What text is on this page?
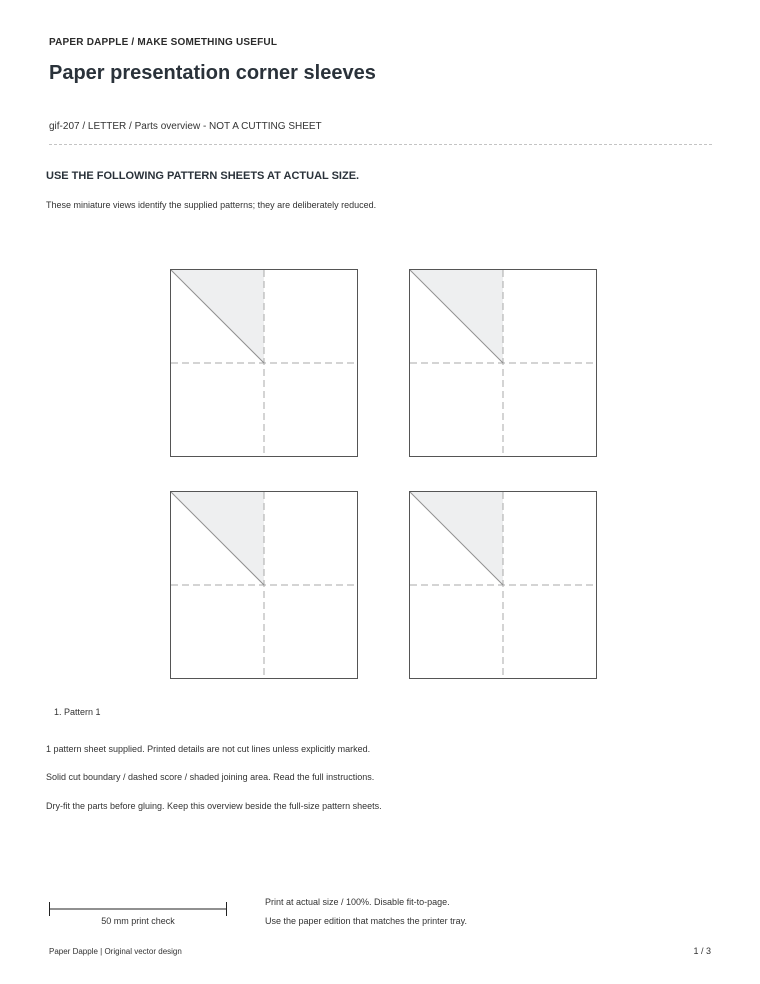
PAPER DAPPLE / MAKE SOMETHING USEFUL
Paper presentation corner sleeves
gif-207 / LETTER / Parts overview - NOT A CUTTING SHEET
USE THE FOLLOWING PATTERN SHEETS AT ACTUAL SIZE.
These miniature views identify the supplied patterns; they are deliberately reduced.
1. Pattern 1
1 pattern sheet supplied. Printed details are not cut lines unless explicitly marked.
Solid cut boundary / dashed score / shaded joining area. Read the full instructions.
Dry-fit the parts before gluing. Keep this overview beside the full-size pattern sheets.
50 mm print check
Print at actual size / 100%. Disable fit-to-page.
Use the paper edition that matches the printer tray.
Paper Dapple | Original vector design	1 / 3
